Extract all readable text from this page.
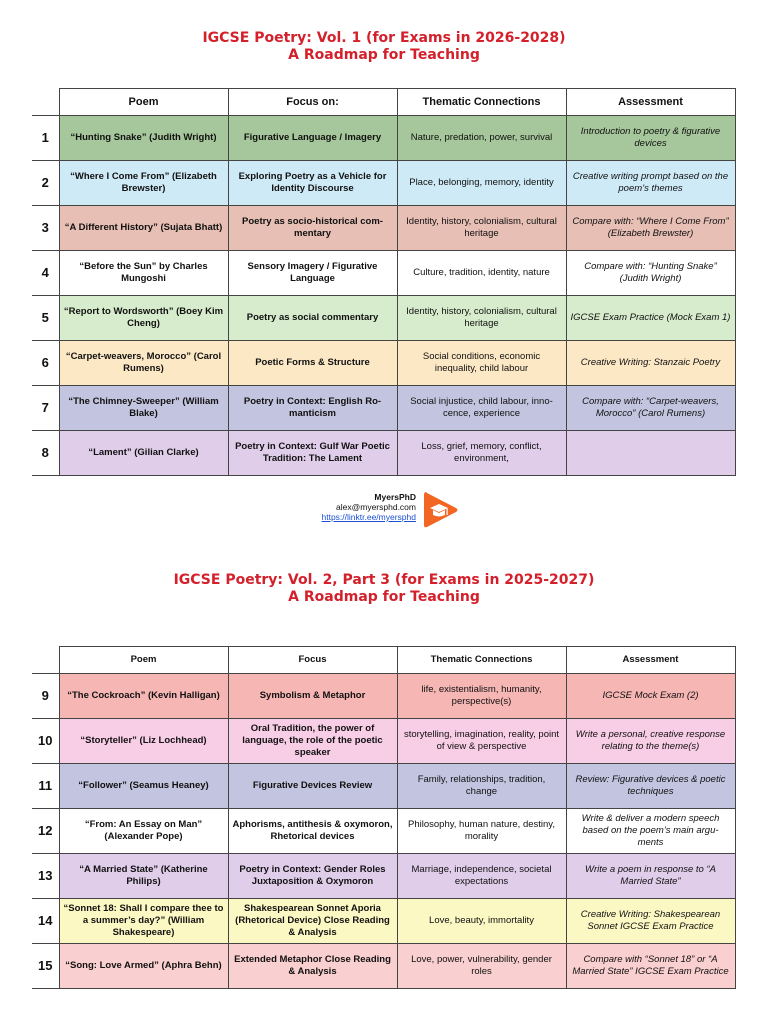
IGCSE Poetry: Vol. 1 (for Exams in 2026-2028)
A Roadmap for Teaching
	Poem	Focus on:	Thematic Connections	Assessment
1	“Hunting Snake” (Judith Wright)	Figurative Language / Imagery	Nature, predation, power, survival	Introduction to poetry & figurative devices
2	“Where I Come From” (Elizabeth Brewster)	Exploring Poetry as a Vehicle for Identity Discourse	Place, belonging, memory, identity	Creative writing prompt based on the poem’s themes
3	“A Different History” (Sujata Bhatt)	Poetry as socio-historical com-mentary	Identity, history, colonialism, cultural heritage	Compare with: “Where I Come From” (Elizabeth Brewster)
4	“Before the Sun” by Charles Mungoshi	Sensory Imagery / Figurative Language	Culture, tradition, identity, nature	Compare with: “Hunting Snake” (Judith Wright)
5	“Report to Wordsworth” (Boey Kim Cheng)	Poetry as social commentary	Identity, history, colonialism, cultural heritage	IGCSE Exam Practice (Mock Exam 1)
6	“Carpet-weavers, Morocco” (Carol Rumens)	Poetic Forms & Structure	Social conditions, economic inequality, child labour	Creative Writing: Stanzaic Poetry
7	“The Chimney-Sweeper” (William Blake)	Poetry in Context: English Ro-manticism	Social injustice, child labour, inno-cence, experience	Compare with: “Carpet-weavers, Morocco” (Carol Rumens)
8	“Lament” (Gilian Clarke)	Poetry in Context: Gulf War Poetic Tradition: The Lament	Loss, grief, memory, conflict, environment,	
MyersPhD
alex@myersphd.com
https://linktr.ee/myersphd
IGCSE Poetry: Vol. 2, Part 3 (for Exams in 2025-2027)
A Roadmap for Teaching
	Poem	Focus	Thematic Connections	Assessment
9	“The Cockroach” (Kevin Halligan)	Symbolism & Metaphor	life, existentialism, humanity, perspective(s)	IGCSE Mock Exam (2)
10	“Storyteller” (Liz Lochhead)	Oral Tradition, the power of language, the role of the poetic speaker	storytelling, imagination, reality, point of view & perspective	Write a personal, creative response relating to the theme(s)
11	“Follower” (Seamus Heaney)	Figurative Devices Review	Family, relationships, tradition, change	Review: Figurative devices & poetic techniques
12	“From: An Essay on Man” (Alexander Pope)	Aphorisms, antithesis & oxymoron, Rhetorical devices	Philosophy, human nature, destiny, morality	Write & deliver a modern speech based on the poem’s main argu-ments
13	“A Married State” (Katherine Philips)	Poetry in Context: Gender Roles Juxtaposition & Oxymoron	Marriage, independence, societal expectations	Write a poem in response to “A Married State”
14	“Sonnet 18: Shall I compare thee to a summer’s day?” (William Shakespeare)	Shakespearean Sonnet Aporia (Rhetorical Device) Close Reading & Analysis	Love, beauty, immortality	Creative Writing: Shakespearean Sonnet IGCSE Exam Practice
15	“Song: Love Armed” (Aphra Behn)	Extended Metaphor Close Reading & Analysis	Love, power, vulnerability, gender roles	Compare with “Sonnet 18” or “A Married State” IGCSE Exam Practice
